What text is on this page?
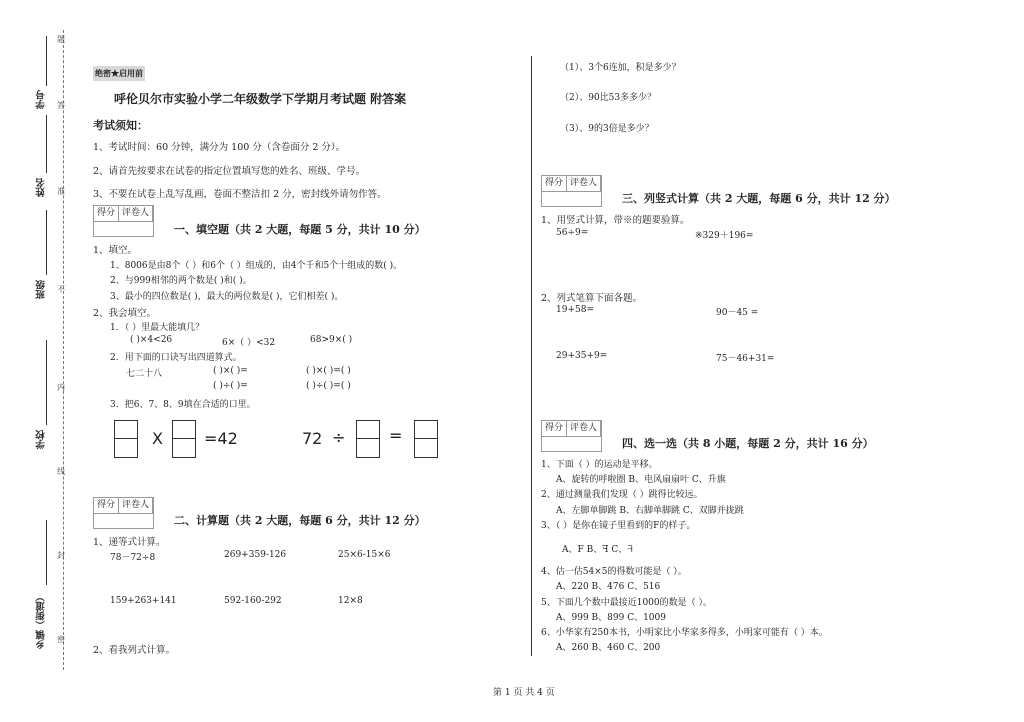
学号
姓名
班级
学校
乡镇（街道）
题
答
准
不
内
线
封
密
绝密★启用前
呼伦贝尔市实验小学二年级数学下学期月考试题 附答案
考试须知：
1、考试时间：60 分钟，满分为 100 分（含卷面分 2 分）。
2、请首先按要求在试卷的指定位置填写您的姓名、班级、学号。
3、不要在试卷上乱写乱画，卷面不整洁扣 2 分，密封线外请勿作答。
得分 评卷人
一、填空题（共 2 大题，每题 5 分，共计 10 分）
1、填空。
1、8006是由8个（ ）和6个（ ）组成的，由4个千和5个十组成的数( )。
2、与999相邻的两个数是( )和( )。
3、最小的四位数是( )，最大的两位数是( )，它们相差( )。
2、我会填空。
1．（ ）里最大能填几？
( )×4<26	6×（ ）<32	68>9×( )
2．用下面的口诀写出四道算式。
七二十八	( )×( )=	( )×( )=( )
( )÷( )=	( )÷( )=( )
3．把6、7、8、9填在合适的口里。
X	=42	72 ÷	=
得分 评卷人
二、计算题（共 2 大题，每题 6 分，共计 12 分）
1、递等式计算。
78－72÷8	269+359-126	25×6-15×6
159+263+141	592-160-292	12×8
2、看我列式计算。
（1）、3个6连加，积是多少？
（2）、90比53多多少？
（3）、9的3倍是多少？
得分 评卷人
三、列竖式计算（共 2 大题，每题 6 分，共计 12 分）
1、用竖式计算，带※的题要验算。
56÷9=	※329＋196=
2、列式笔算下面各题。
19+58=	90－45 =
29+35+9=	75－46+31=
得分 评卷人
四、选一选（共 8 小题，每题 2 分，共计 16 分）
1、下面（ ）的运动是平移。
A、旋转的呼啦圈 B、电风扇扇叶 C、升旗
2、通过测量我们发现（ ）跳得比较远。
A、左脚单脚跳 B、右脚单脚跳 C、双脚并拢跳
3、（ ）是你在镜子里看到的F的样子。
A、F B、ꟻ C、ᖷ
4、估一估54×5的得数可能是（ ）。
A、220 B、476 C、516
5、下面几个数中最接近1000的数是（ ）。
A、999 B、899 C、1009
6、小华家有250本书，小明家比小华家多得多，小明家可能有（ ）本。
A、260 B、460 C、200
第 1 页 共 4 页
